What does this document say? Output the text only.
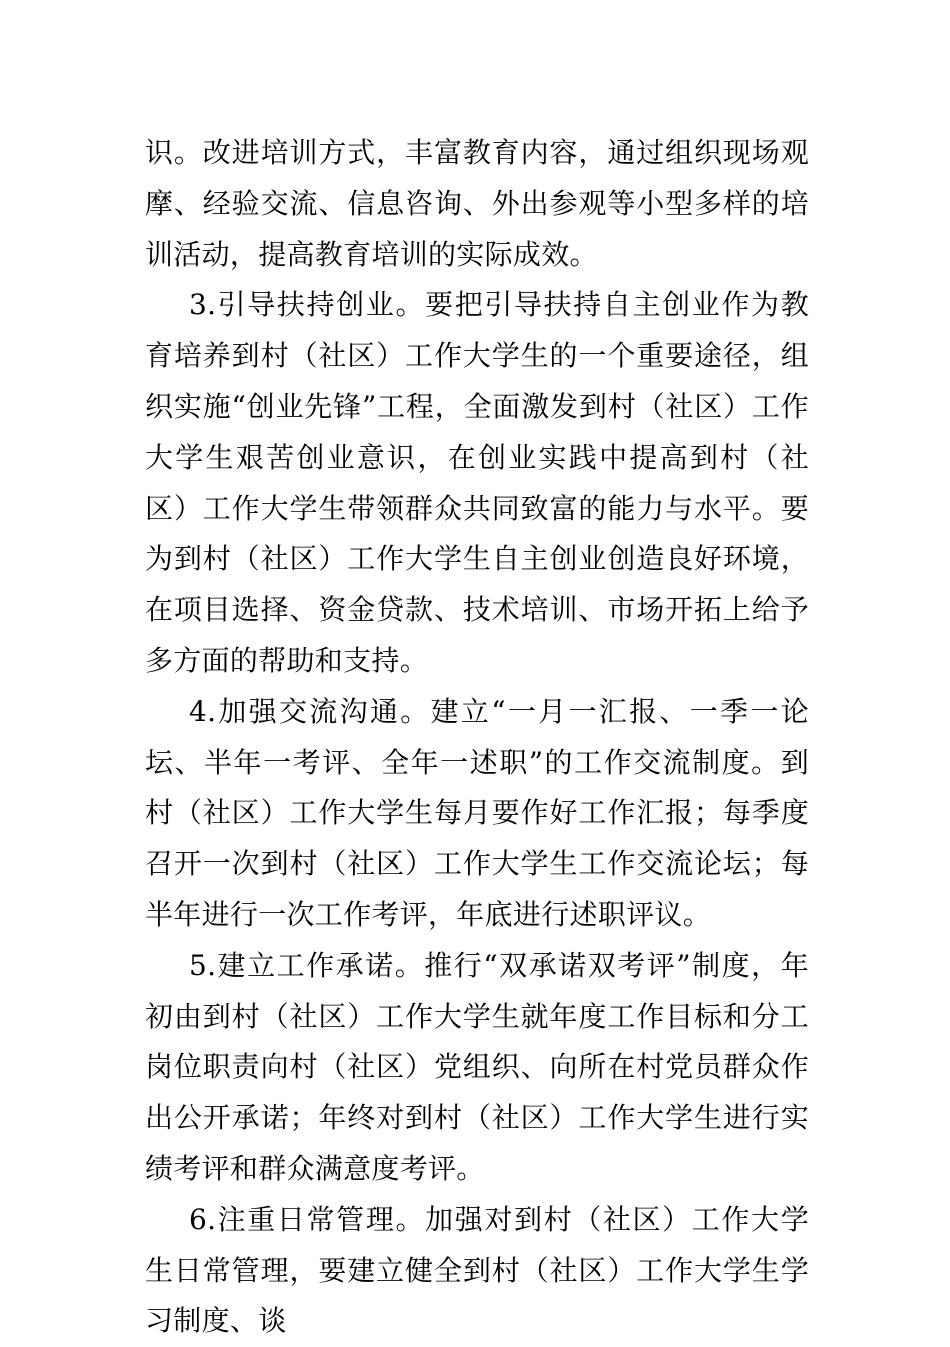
识。改进培训方式，丰富教育内容，通过组织现场观摩、经验交流、信息咨询、外出参观等小型多样的培训活动，提高教育培训的实际成效。

3.引导扶持创业。要把引导扶持自主创业作为教育培养到村（社区）工作大学生的一个重要途径，组织实施“创业先锋”工程，全面激发到村（社区）工作大学生艰苦创业意识，在创业实践中提高到村（社区）工作大学生带领群众共同致富的能力与水平。要为到村（社区）工作大学生自主创业创造良好环境，在项目选择、资金贷款、技术培训、市场开拓上给予多方面的帮助和支持。

4.加强交流沟通。建立“一月一汇报、一季一论坛、半年一考评、全年一述职”的工作交流制度。到村（社区）工作大学生每月要作好工作汇报；每季度召开一次到村（社区）工作大学生工作交流论坛；每半年进行一次工作考评，年底进行述职评议。

5.建立工作承诺。推行“双承诺双考评”制度，年初由到村（社区）工作大学生就年度工作目标和分工岗位职责向村（社区）党组织、向所在村党员群众作出公开承诺；年终对到村（社区）工作大学生进行实绩考评和群众满意度考评。

6.注重日常管理。加强对到村（社区）工作大学生日常管理，要建立健全到村（社区）工作大学生学习制度、谈
